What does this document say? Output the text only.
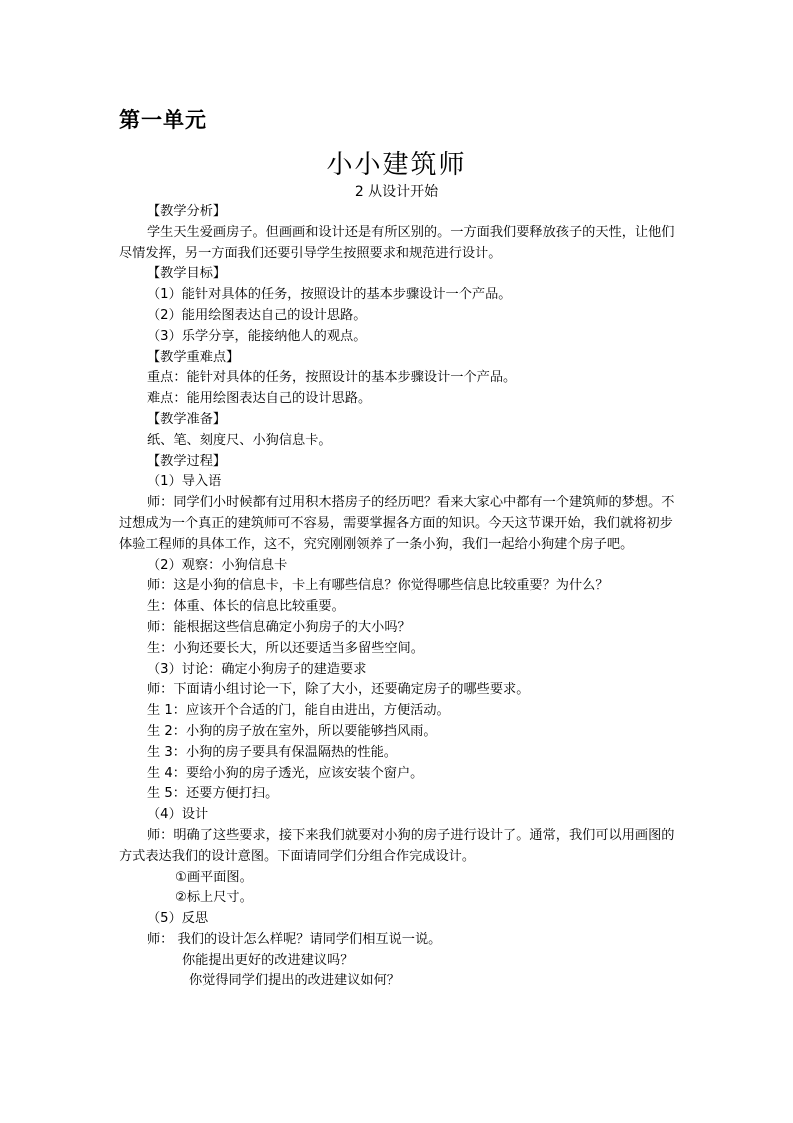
第一单元
小小建筑师
2 从设计开始
【教学分析】
学生天生爱画房子。但画画和设计还是有所区别的。一方面我们要释放孩子的天性，让他们尽情发挥，另一方面我们还要引导学生按照要求和规范进行设计。
【教学目标】
（1）能针对具体的任务，按照设计的基本步骤设计一个产品。
（2）能用绘图表达自己的设计思路。
（3）乐学分享，能接纳他人的观点。
【教学重难点】
重点：能针对具体的任务，按照设计的基本步骤设计一个产品。
难点：能用绘图表达自己的设计思路。
【教学准备】
纸、笔、刻度尺、小狗信息卡。
【教学过程】
（1）导入语
师：同学们小时候都有过用积木搭房子的经历吧？看来大家心中都有一个建筑师的梦想。不过想成为一个真正的建筑师可不容易，需要掌握各方面的知识。今天这节课开始，我们就将初步体验工程师的具体工作，这不，究究刚刚领养了一条小狗，我们一起给小狗建个房子吧。
（2）观察：小狗信息卡
师：这是小狗的信息卡，卡上有哪些信息？你觉得哪些信息比较重要？为什么？
生：体重、体长的信息比较重要。
师：能根据这些信息确定小狗房子的大小吗？
生：小狗还要长大，所以还要适当多留些空间。
（3）讨论：确定小狗房子的建造要求
师：下面请小组讨论一下，除了大小，还要确定房子的哪些要求。
生 1：应该开个合适的门，能自由进出，方便活动。
生 2：小狗的房子放在室外，所以要能够挡风雨。
生 3：小狗的房子要具有保温隔热的性能。
生 4：要给小狗的房子透光，应该安装个窗户。
生 5：还要方便打扫。
（4）设计
师：明确了这些要求，接下来我们就要对小狗的房子进行设计了。通常，我们可以用画图的方式表达我们的设计意图。下面请同学们分组合作完成设计。
①画平面图。
②标上尺寸。
（5）反思
师： 我们的设计怎么样呢？请同学们相互说一说。
你能提出更好的改进建议吗？
你觉得同学们提出的改进建议如何？
